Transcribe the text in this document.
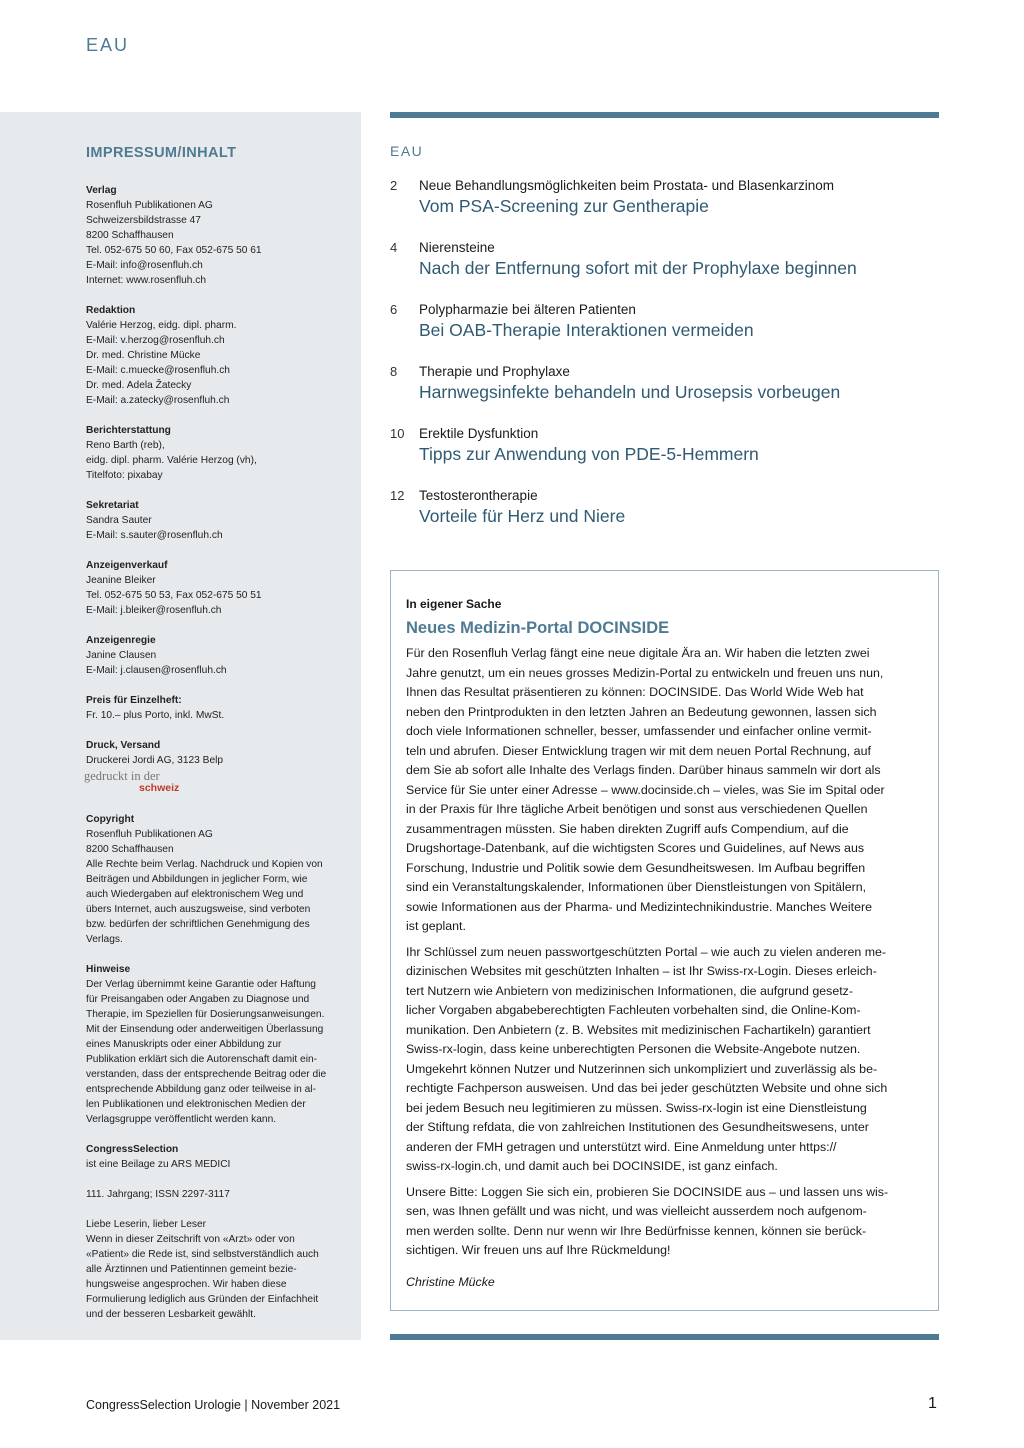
EAU
IMPRESSUM/INHALT
Verlag
Rosenfluh Publikationen AG
Schweizersbildstrasse 47
8200 Schaffhausen
Tel. 052-675 50 60, Fax 052-675 50 61
E-Mail: info@rosenfluh.ch
Internet: www.rosenfluh.ch
Redaktion
Valérie Herzog, eidg. dipl. pharm.
E-Mail: v.herzog@rosenfluh.ch
Dr. med. Christine Mücke
E-Mail: c.muecke@rosenfluh.ch
Dr. med. Adela Žatecky
E-Mail: a.zatecky@rosenfluh.ch
Berichterstattung
Reno Barth (reb),
eidg. dipl. pharm. Valérie Herzog (vh),
Titelfoto: pixabay
Sekretariat
Sandra Sauter
E-Mail: s.sauter@rosenfluh.ch
Anzeigenverkauf
Jeanine Bleiker
Tel. 052-675 50 53, Fax 052-675 50 51
E-Mail: j.bleiker@rosenfluh.ch
Anzeigenregie
Janine Clausen
E-Mail: j.clausen@rosenfluh.ch
Preis für Einzelheft:
Fr. 10.– plus Porto, inkl. MwSt.
Druck, Versand
Druckerei Jordi AG, 3123 Belp
gedruckt in der
schweiz
Copyright
Rosenfluh Publikationen AG
8200 Schaffhausen
Alle Rechte beim Verlag. Nachdruck und Kopien von
Beiträgen und Abbildungen in jeglicher Form, wie
auch Wiedergaben auf elektronischem Weg und
übers Internet, auch auszugsweise, sind verboten
bzw. bedürfen der schriftlichen Genehmigung des
Verlags.
Hinweise
Der Verlag übernimmt keine Garantie oder Haftung
für Preisangaben oder Angaben zu Diagnose und
Therapie, im Speziellen für Dosierungsanweisungen.
Mit der Einsendung oder anderweitigen Überlassung
eines Manuskripts oder einer Abbildung zur
Publikation erklärt sich die Autorenschaft damit ein-
verstanden, dass der entsprechende Beitrag oder die
entsprechende Abbildung ganz oder teilweise in al-
len Publikationen und elektronischen Medien der
Verlagsgruppe veröffentlicht werden kann.
CongressSelection
ist eine Beilage zu ARS MEDICI
111. Jahrgang; ISSN 2297-3117
Liebe Leserin, lieber Leser
Wenn in dieser Zeitschrift von «Arzt» oder von
«Patient» die Rede ist, sind selbstverständlich auch
alle Ärztinnen und Patientinnen gemeint bezie-
hungsweise angesprochen. Wir haben diese
Formulierung lediglich aus Gründen der Einfachheit
und der besseren Lesbarkeit gewählt.
EAU
2 Neue Behandlungsmöglichkeiten beim Prostata- und Blasenkarzinom
Vom PSA-Screening zur Gentherapie
4 Nierensteine
Nach der Entfernung sofort mit der Prophylaxe beginnen
6 Polypharmazie bei älteren Patienten
Bei OAB-Therapie Interaktionen vermeiden
8 Therapie und Prophylaxe
Harnwegsinfekte behandeln und Urosepsis vorbeugen
10 Erektile Dysfunktion
Tipps zur Anwendung von PDE-5-Hemmern
12 Testosterontherapie
Vorteile für Herz und Niere
In eigener Sache
Neues Medizin-Portal DOCINSIDE
Für den Rosenfluh Verlag fängt eine neue digitale Ära an. Wir haben die letzten zwei
Jahre genutzt, um ein neues grosses Medizin-Portal zu entwickeln und freuen uns nun,
Ihnen das Resultat präsentieren zu können: DOCINSIDE. Das World Wide Web hat
neben den Printprodukten in den letzten Jahren an Bedeutung gewonnen, lassen sich
doch viele Informationen schneller, besser, umfassender und einfacher online vermit-
teln und abrufen. Dieser Entwicklung tragen wir mit dem neuen Portal Rechnung, auf
dem Sie ab sofort alle Inhalte des Verlags finden. Darüber hinaus sammeln wir dort als
Service für Sie unter einer Adresse – www.docinside.ch – vieles, was Sie im Spital oder
in der Praxis für Ihre tägliche Arbeit benötigen und sonst aus verschiedenen Quellen
zusammentragen müssten. Sie haben direkten Zugriff aufs Compendium, auf die
Drugshortage-Datenbank, auf die wichtigsten Scores und Guidelines, auf News aus
Forschung, Industrie und Politik sowie dem Gesundheitswesen. Im Aufbau begriffen
sind ein Veranstaltungskalender, Informationen über Dienstleistungen von Spitälern,
sowie Informationen aus der Pharma- und Medizintechnikindustrie. Manches Weitere
ist geplant.
Ihr Schlüssel zum neuen passwortgeschützten Portal – wie auch zu vielen anderen me-
dizinischen Websites mit geschützten Inhalten – ist Ihr Swiss-rx-Login. Dieses erleich-
tert Nutzern wie Anbietern von medizinischen Informationen, die aufgrund gesetz-
licher Vorgaben abgabeberechtigten Fachleuten vorbehalten sind, die Online-Kom-
munikation. Den Anbietern (z. B. Websites mit medizinischen Fachartikeln) garantiert
Swiss-rx-login, dass keine unberechtigten Personen die Website-Angebote nutzen.
Umgekehrt können Nutzer und Nutzerinnen sich unkompliziert und zuverlässig als be-
rechtigte Fachperson ausweisen. Und das bei jeder geschützten Website und ohne sich
bei jedem Besuch neu legitimieren zu müssen. Swiss-rx-login ist eine Dienstleistung
der Stiftung refdata, die von zahlreichen Institutionen des Gesundheitswesens, unter
anderen der FMH getragen und unterstützt wird. Eine Anmeldung unter https://
swiss-rx-login.ch, und damit auch bei DOCINSIDE, ist ganz einfach.
Unsere Bitte: Loggen Sie sich ein, probieren Sie DOCINSIDE aus – und lassen uns wis-
sen, was Ihnen gefällt und was nicht, und was vielleicht ausserdem noch aufgenom-
men werden sollte. Denn nur wenn wir Ihre Bedürfnisse kennen, können sie berück-
sichtigen. Wir freuen uns auf Ihre Rückmeldung!
Christine Mücke
CongressSelection Urologie | November 2021	1
